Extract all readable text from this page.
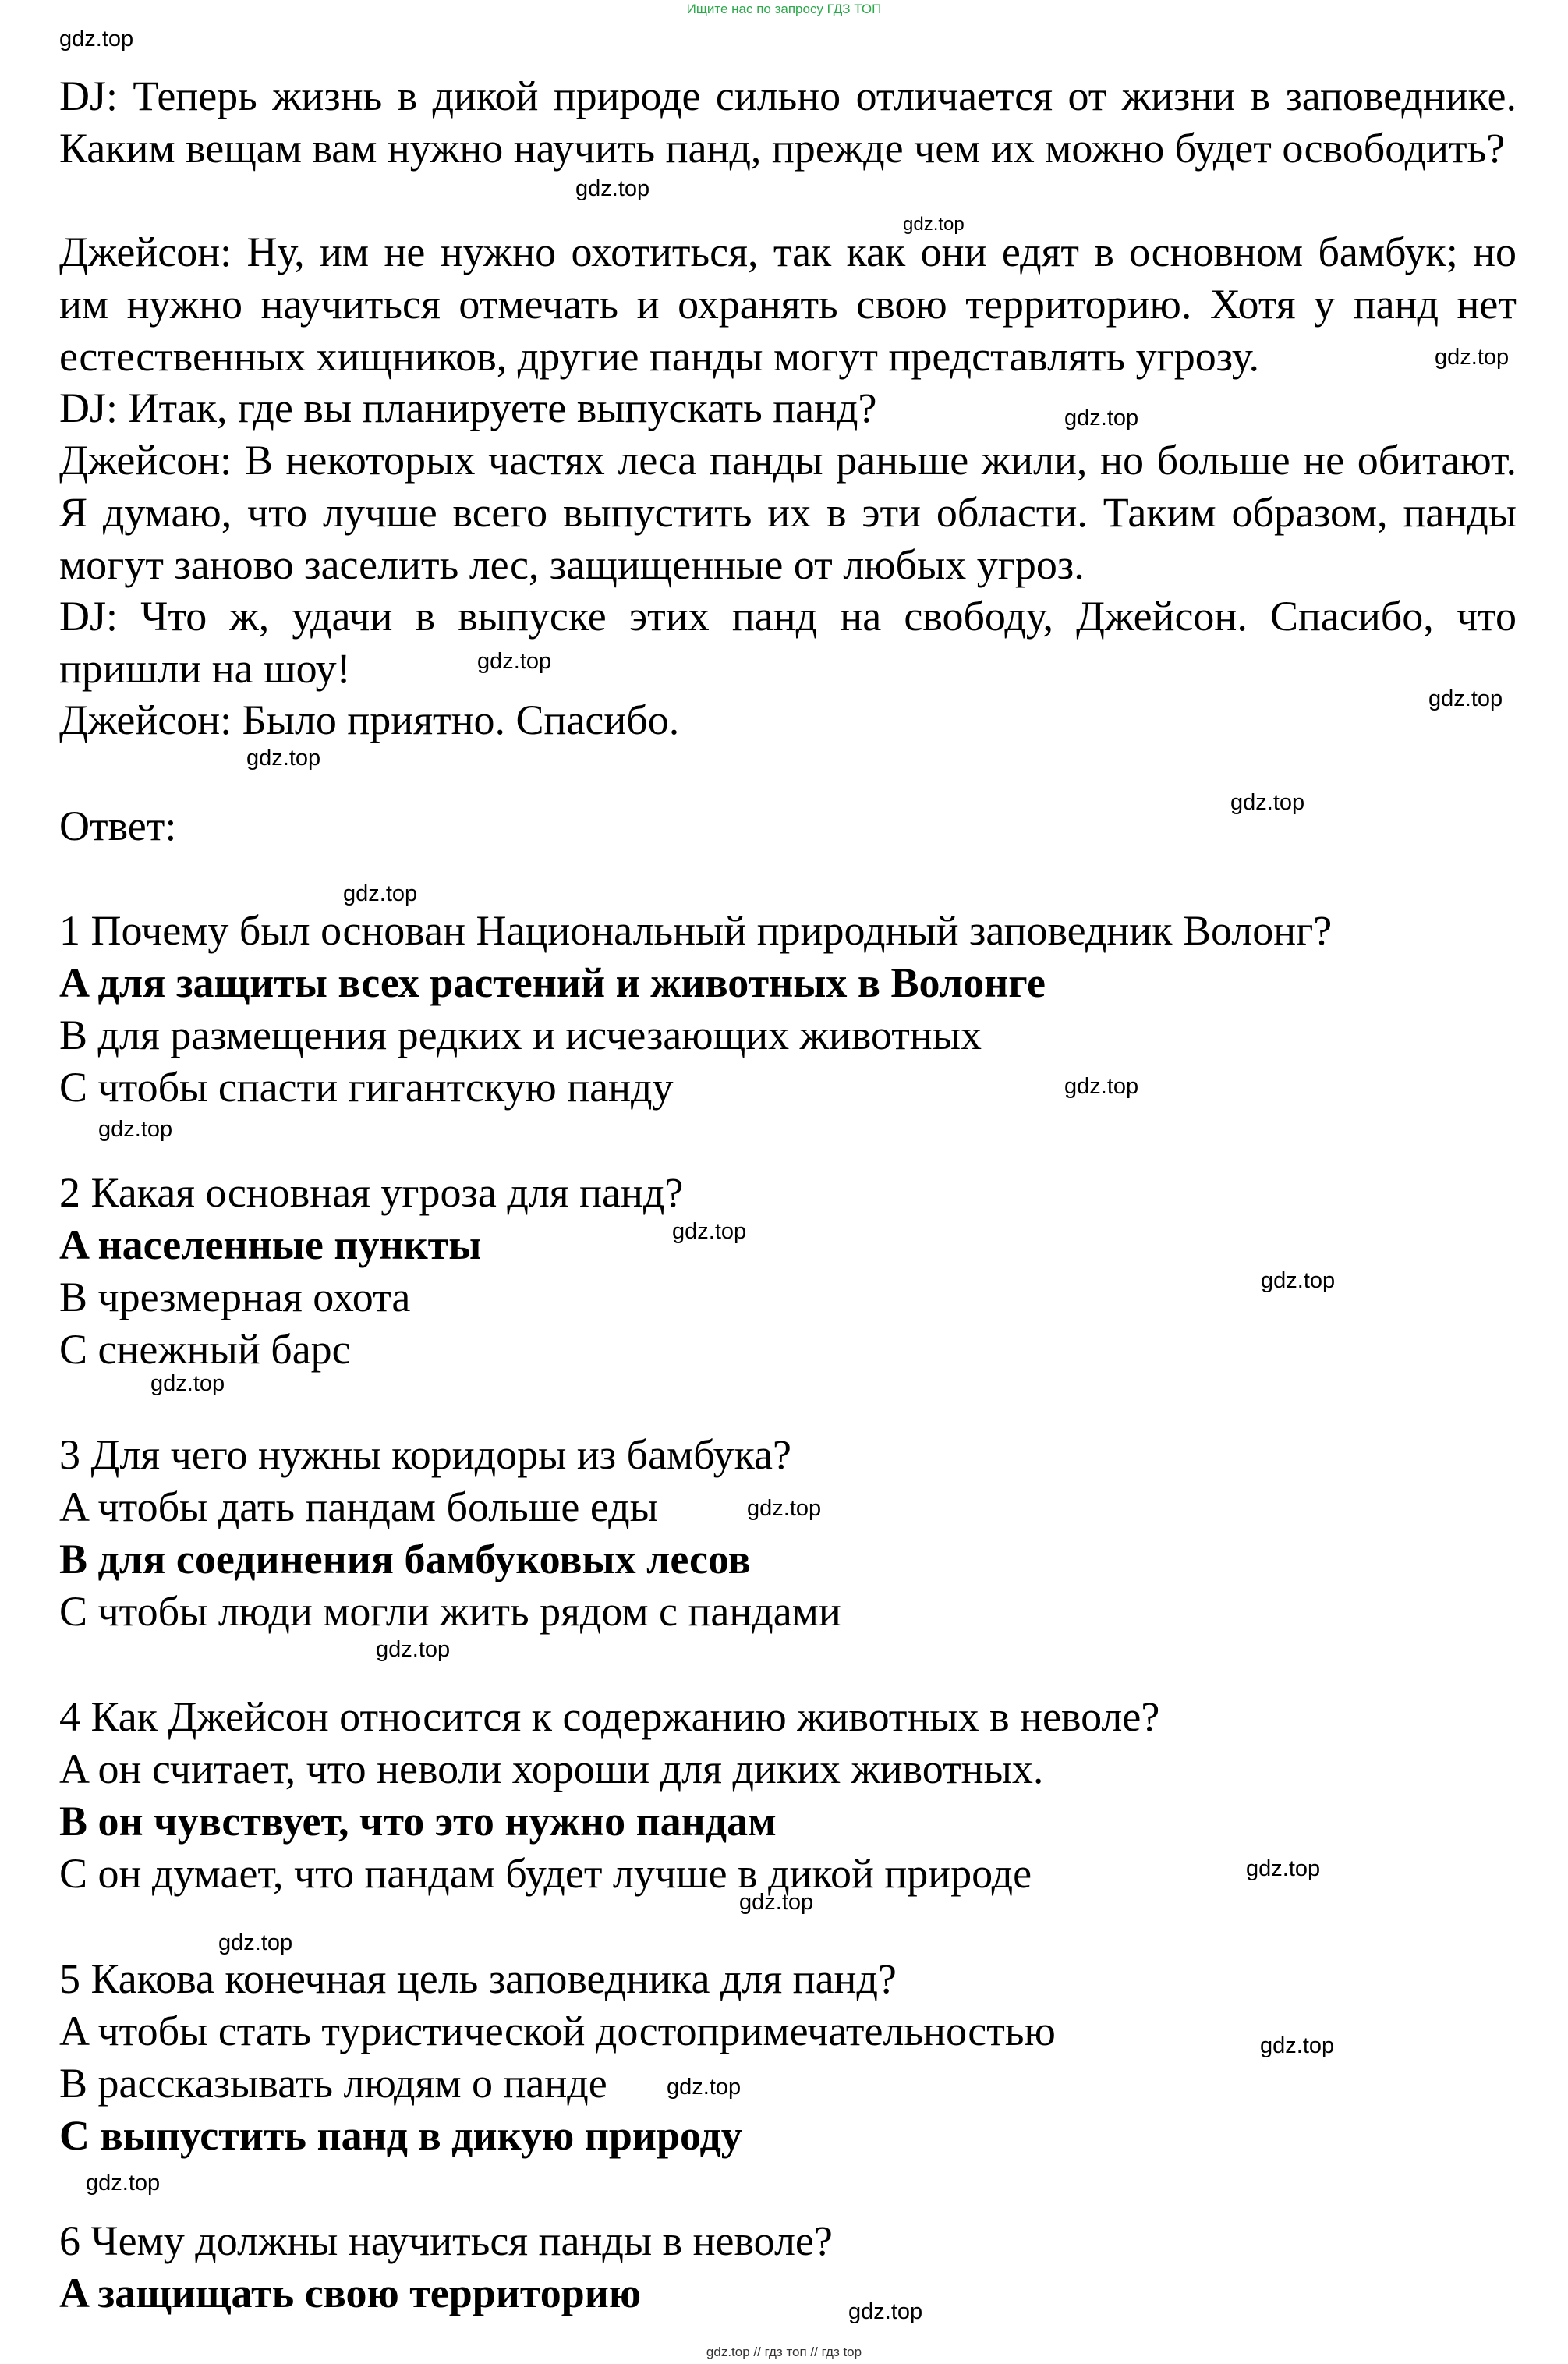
Ищите нас по запросу ГДЗ ТОП
gdz.top
gdz.top
gdz.top
gdz.top
gdz.top
gdz.top
gdz.top
gdz.top
gdz.top
gdz.top
gdz.top
gdz.top
gdz.top
gdz.top
gdz.top
gdz.top
gdz.top
gdz.top
gdz.top
gdz.top
gdz.top
gdz.top
gdz.top
gdz.top

DJ: Теперь жизнь в дикой природе сильно отличается от жизни в заповеднике. Каким вещам вам нужно научить панд, прежде чем их можно будет освободить?

Джейсон: Ну, им не нужно охотиться, так как они едят в основном бамбук; но им нужно научиться отмечать и охранять свою территорию. Хотя у панд нет естественных хищников, другие панды могут представлять угрозу.

DJ: Итак, где вы планируете выпускать панд?

Джейсон: В некоторых частях леса панды раньше жили, но больше не обитают. Я думаю, что лучше всего выпустить их в эти области. Таким образом, панды могут заново заселить лес, защищенные от любых угроз.

DJ: Что ж, удачи в выпуске этих панд на свободу, Джейсон. Спасибо, что пришли на шоу!

Джейсон: Было приятно. Спасибо.

Ответ:

1 Почему был основан Национальный природный заповедник Волонг?

A для защиты всех растений и животных в Волонге

B для размещения редких и исчезающих животных

C чтобы спасти гигантскую панду

2 Какая основная угроза для панд?

A населенные пункты

B чрезмерная охота

C снежный барс

3 Для чего нужны коридоры из бамбука?

A чтобы дать пандам больше еды

B для соединения бамбуковых лесов

C чтобы люди могли жить рядом с пандами

4 Как Джейсон относится к содержанию животных в неволе?

A он считает, что неволи хороши для диких животных.

B он чувствует, что это нужно пандам

C он думает, что пандам будет лучше в дикой природе

5 Какова конечная цель заповедника для панд?

A чтобы стать туристической достопримечательностью

B рассказывать людям о панде

C выпустить панд в дикую природу

6 Чему должны научиться панды в неволе?

A защищать свою территорию

gdz.top // гдз топ // гдз top
